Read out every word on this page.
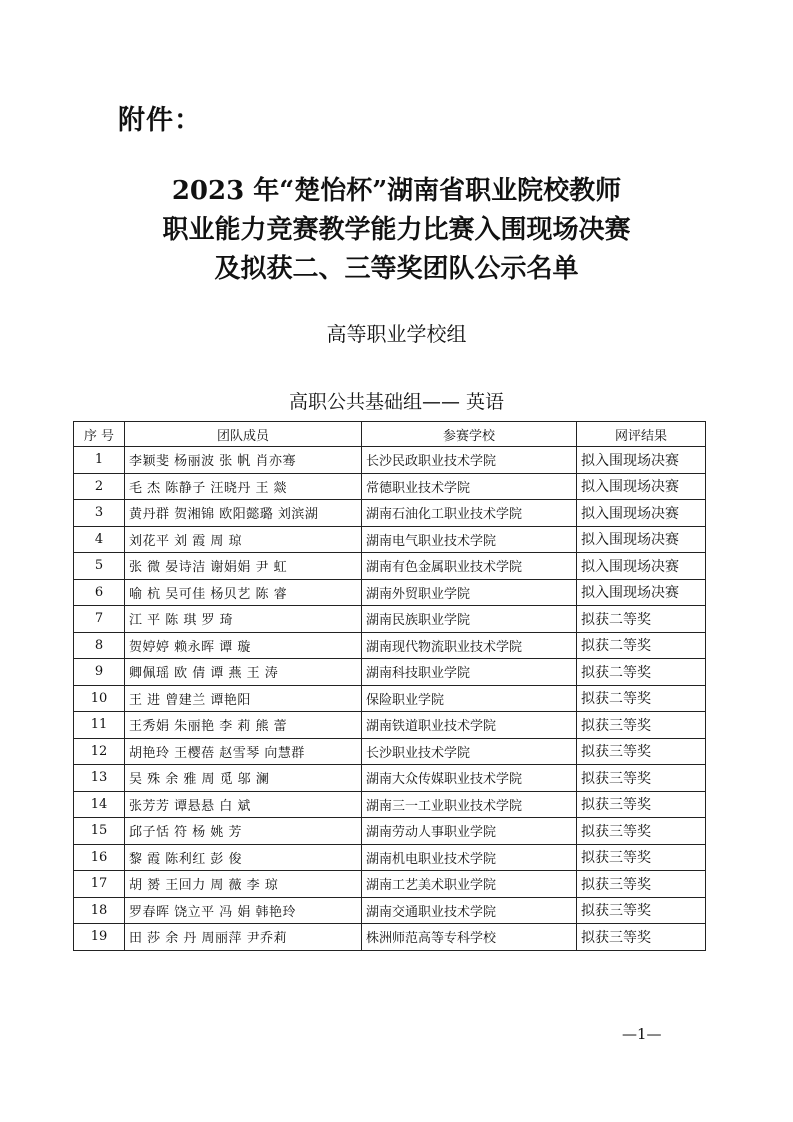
附件：
2023 年“楚怡杯”湖南省职业院校教师
职业能力竞赛教学能力比赛入围现场决赛
及拟获二、三等奖团队公示名单
高等职业学校组
高职公共基础组—— 英语
序 号	团队成员	参赛学校	网评结果
1	李颖斐 杨丽波 张 帆 肖亦骞	长沙民政职业技术学院	拟入围现场决赛
2	毛 杰 陈静子 汪晓丹 王 燚	常德职业技术学院	拟入围现场决赛
3	黄丹群 贺湘锦 欧阳懿璐 刘滨湖	湖南石油化工职业技术学院	拟入围现场决赛
4	刘花平 刘 霞 周 琼	湖南电气职业技术学院	拟入围现场决赛
5	张 微 晏诗洁 谢娟娟 尹 虹	湖南有色金属职业技术学院	拟入围现场决赛
6	喻 杭 吴可佳 杨贝艺 陈 睿	湖南外贸职业学院	拟入围现场决赛
7	江 平 陈 琪 罗 琦	湖南民族职业学院	拟获二等奖
8	贺婷婷 赖永晖 谭 璇	湖南现代物流职业技术学院	拟获二等奖
9	卿佩瑶 欧 倩 谭 燕 王 涛	湖南科技职业学院	拟获二等奖
10	王 进 曾建兰 谭艳阳	保险职业学院	拟获二等奖
11	王秀娟 朱丽艳 李 莉 熊 蕾	湖南铁道职业技术学院	拟获三等奖
12	胡艳玲 王樱蓓 赵雪琴 向慧群	长沙职业技术学院	拟获三等奖
13	吴 殊 余 雅 周 觅 邬 澜	湖南大众传媒职业技术学院	拟获三等奖
14	张芳芳 谭悬悬 白 斌	湖南三一工业职业技术学院	拟获三等奖
15	邱子恬 符 杨 姚 芳	湖南劳动人事职业学院	拟获三等奖
16	黎 霞 陈利红 彭 俊	湖南机电职业技术学院	拟获三等奖
17	胡 赟 王回力 周 薇 李 琼	湖南工艺美术职业学院	拟获三等奖
18	罗春晖 饶立平 冯 娟 韩艳玲	湖南交通职业技术学院	拟获三等奖
19	田 莎 余 丹 周丽萍 尹乔莉	株洲师范高等专科学校	拟获三等奖
—1—
